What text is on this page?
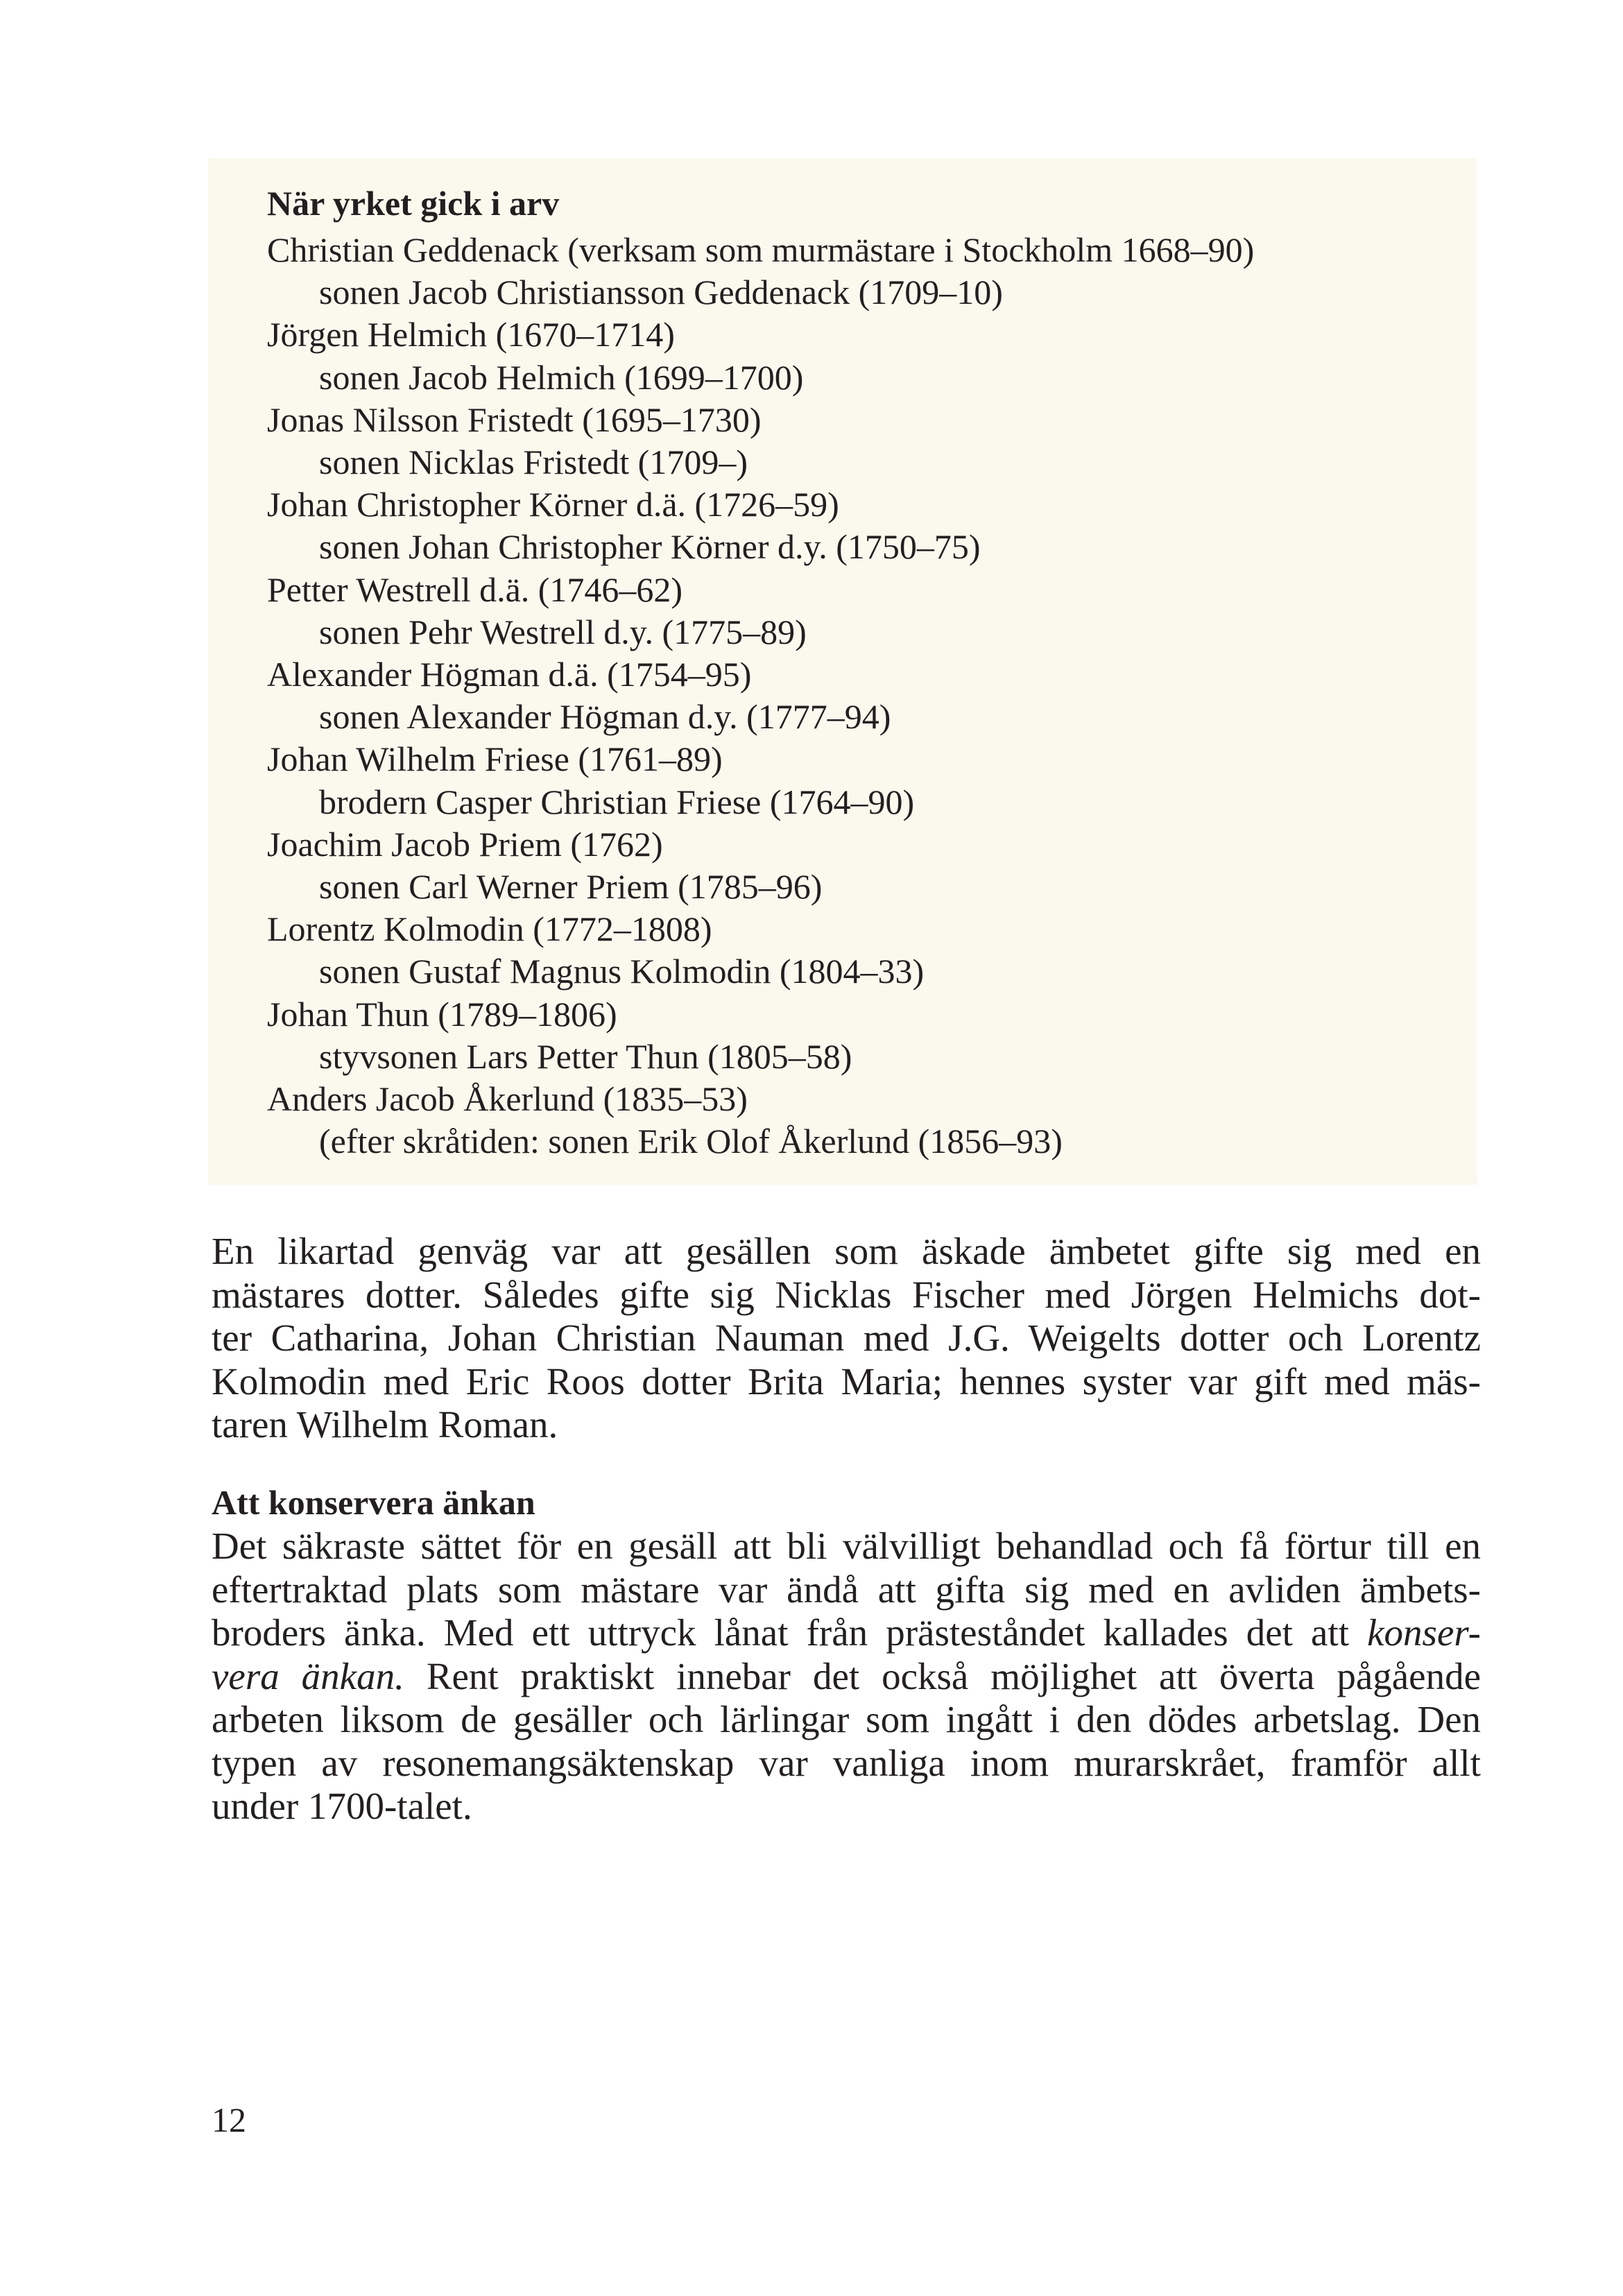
När yrket gick i arv
Christian Geddenack (verksam som murmästare i Stockholm 1668–90)
sonen Jacob Christiansson Geddenack (1709–10)
Jörgen Helmich (1670–1714)
sonen Jacob Helmich (1699–1700)
Jonas Nilsson Fristedt (1695–1730)
sonen Nicklas Fristedt (1709–)
Johan Christopher Körner d.ä. (1726–59)
sonen Johan Christopher Körner d.y. (1750–75)
Petter Westrell d.ä. (1746–62)
sonen Pehr Westrell d.y. (1775–89)
Alexander Högman d.ä. (1754–95)
sonen Alexander Högman d.y. (1777–94)
Johan Wilhelm Friese (1761–89)
brodern Casper Christian Friese (1764–90)
Joachim Jacob Priem (1762)
sonen Carl Werner Priem (1785–96)
Lorentz Kolmodin (1772–1808)
sonen Gustaf Magnus Kolmodin (1804–33)
Johan Thun (1789–1806)
styvsonen Lars Petter Thun (1805–58)
Anders Jacob Åkerlund (1835–53)
(efter skråtiden: sonen Erik Olof Åkerlund (1856–93)
En likartad genväg var att gesällen som äskade ämbetet gifte sig med en
mästares dotter. Således gifte sig Nicklas Fischer med Jörgen Helmichs dot-
ter Catharina, Johan Christian Nauman med J.G. Weigelts dotter och Lorentz
Kolmodin med Eric Roos dotter Brita Maria; hennes syster var gift med mäs-
taren Wilhelm Roman.
Att konservera änkan
Det säkraste sättet för en gesäll att bli välvilligt behandlad och få förtur till en
eftertraktad plats som mästare var ändå att gifta sig med en avliden ämbets-
broders änka. Med ett uttryck lånat från prästeståndet kallades det att konser-
vera änkan. Rent praktiskt innebar det också möjlighet att överta pågående
arbeten liksom de gesäller och lärlingar som ingått i den dödes arbetslag. Den
typen av resonemangsäktenskap var vanliga inom murarskrået, framför allt
under 1700-talet.

12
